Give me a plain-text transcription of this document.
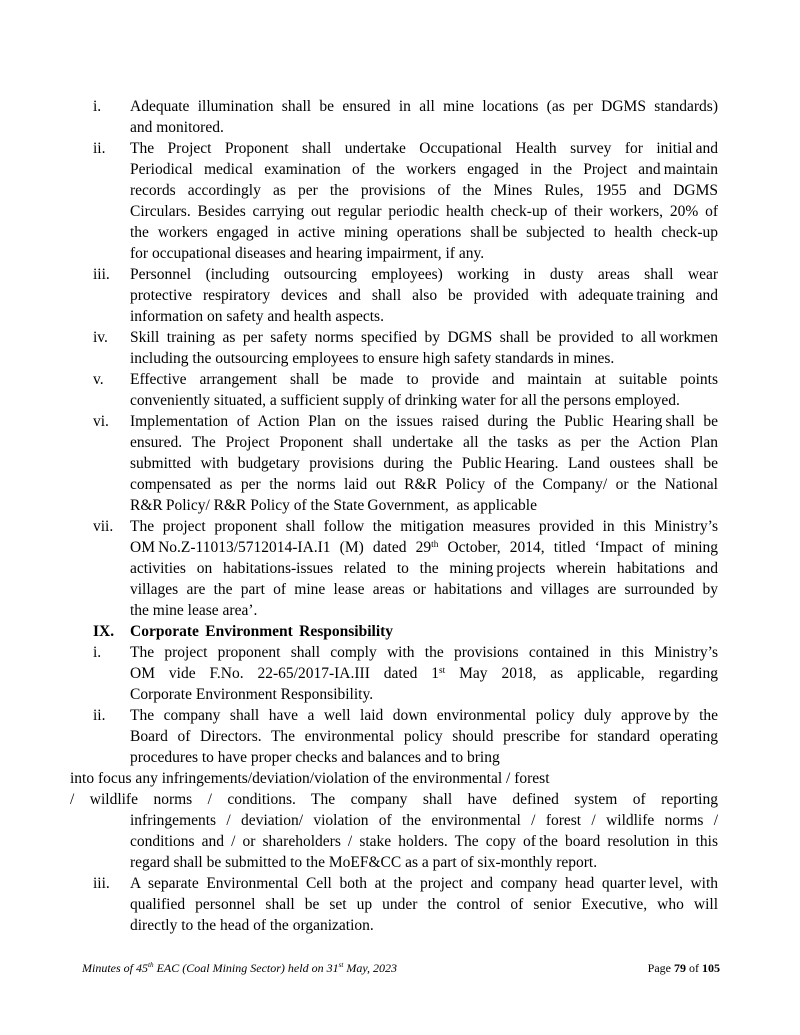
i.	Adequate illumination shall be ensured in all mine locations (as per DGMS standards)
and monitored.
ii.	The Project Proponent shall undertake Occupational Health survey for initial and
Periodical medical examination of the workers engaged in the Project and maintain
records accordingly as per the provisions of the Mines Rules, 1955 and DGMS
Circulars. Besides carrying out regular periodic health check-up of their workers, 20% of
the workers engaged in active mining operations shall be subjected to health check-up
for occupational diseases and hearing impairment, if any.
iii.	Personnel (including outsourcing employees) working in dusty areas shall wear
protective respiratory devices and shall also be provided with adequate training and
information on safety and health aspects.
iv.	Skill training as per safety norms specified by DGMS shall be provided to all workmen
including the outsourcing employees to ensure high safety standards in mines.
v.	Effective arrangement shall be made to provide and maintain at suitable points
conveniently situated, a sufficient supply of drinking water for all the persons employed.
vi.	Implementation of Action Plan on the issues raised during the Public Hearing shall be
ensured. The Project Proponent shall undertake all the tasks as per the Action Plan
submitted with budgetary provisions during the Public Hearing. Land oustees shall be
compensated as per the norms laid out R&R Policy of the Company/ or the National
R&R Policy/ R&R Policy of the State Government, as applicable
vii.	The project proponent shall follow the mitigation measures provided in this Ministry’s
OM No.Z-11013/5712014-IA.I1 (M) dated 29th October, 2014, titled ‘Impact of mining
activities on habitations-issues related to the mining projects wherein habitations and
villages are the part of mine lease areas or habitations and villages are surrounded by
the mine lease area’.
IX.	Corporate Environment Responsibility
i.	The project proponent shall comply with the provisions contained in this Ministry’s
OM vide F.No. 22-65/2017-IA.III dated 1st May 2018, as applicable, regarding
Corporate Environment Responsibility.
ii.	The company shall have a well laid down environmental policy duly approve by the
Board of Directors. The environmental policy should prescribe for standard operating
procedures to have proper checks and balances and to bring
into focus any infringements/deviation/violation of the environmental / forest
/ wildlife norms / conditions. The company shall have defined system of reporting
infringements / deviation/ violation of the environmental / forest / wildlife norms /
conditions and / or shareholders / stake holders. The copy of the board resolution in this
regard shall be submitted to the MoEF&CC as a part of six-monthly report.
iii.	A separate Environmental Cell both at the project and company head quarter level, with
qualified personnel shall be set up under the control of senior Executive, who will
directly to the head of the organization.
Minutes of 45th EAC (Coal Mining Sector) held on 31st May, 2023	Page 79 of 105
